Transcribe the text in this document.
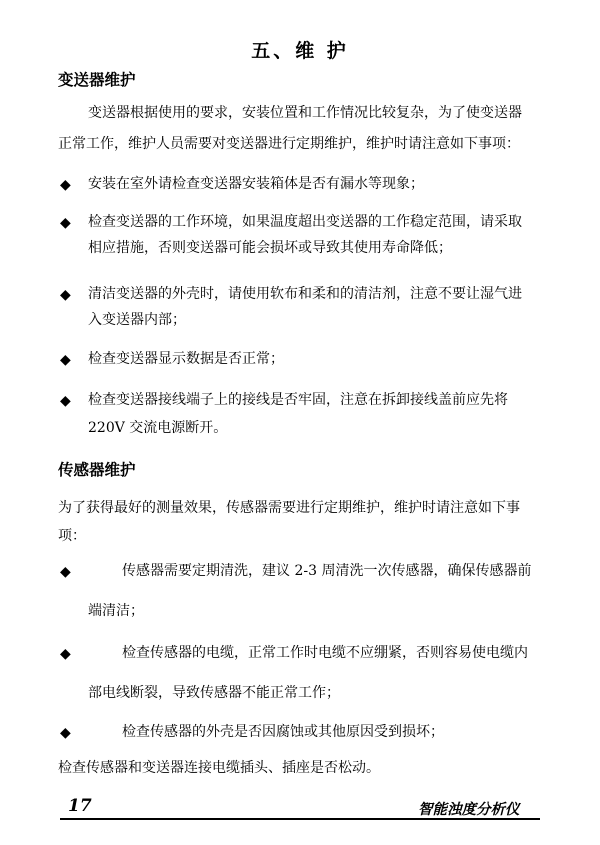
五、维 护
变送器维护

变送器根据使用的要求，安装位置和工作情况比较复杂，为了使变送器

正常工作，维护人员需要对变送器进行定期维护，维护时请注意如下事项：

◆ 安装在室外请检查变送器安装箱体是否有漏水等现象；

◆ 检查变送器的工作环境，如果温度超出变送器的工作稳定范围，请采取

相应措施，否则变送器可能会损坏或导致其使用寿命降低；

◆ 清洁变送器的外壳时，请使用软布和柔和的清洁剂，注意不要让湿气进

入变送器内部；

◆ 检查变送器显示数据是否正常；

◆ 检查变送器接线端子上的接线是否牢固，注意在拆卸接线盖前应先将

220V 交流电源断开。

传感器维护

为了获得最好的测量效果，传感器需要进行定期维护，维护时请注意如下事

项：

◆	传感器需要定期清洗，建议 2-3 周清洗一次传感器，确保传感器前

端清洁；

◆	检查传感器的电缆，正常工作时电缆不应绷紧，否则容易使电缆内

部电线断裂，导致传感器不能正常工作；

◆	检查传感器的外壳是否因腐蚀或其他原因受到损坏；

检查传感器和变送器连接电缆插头、插座是否松动。

17	智能浊度分析仪
